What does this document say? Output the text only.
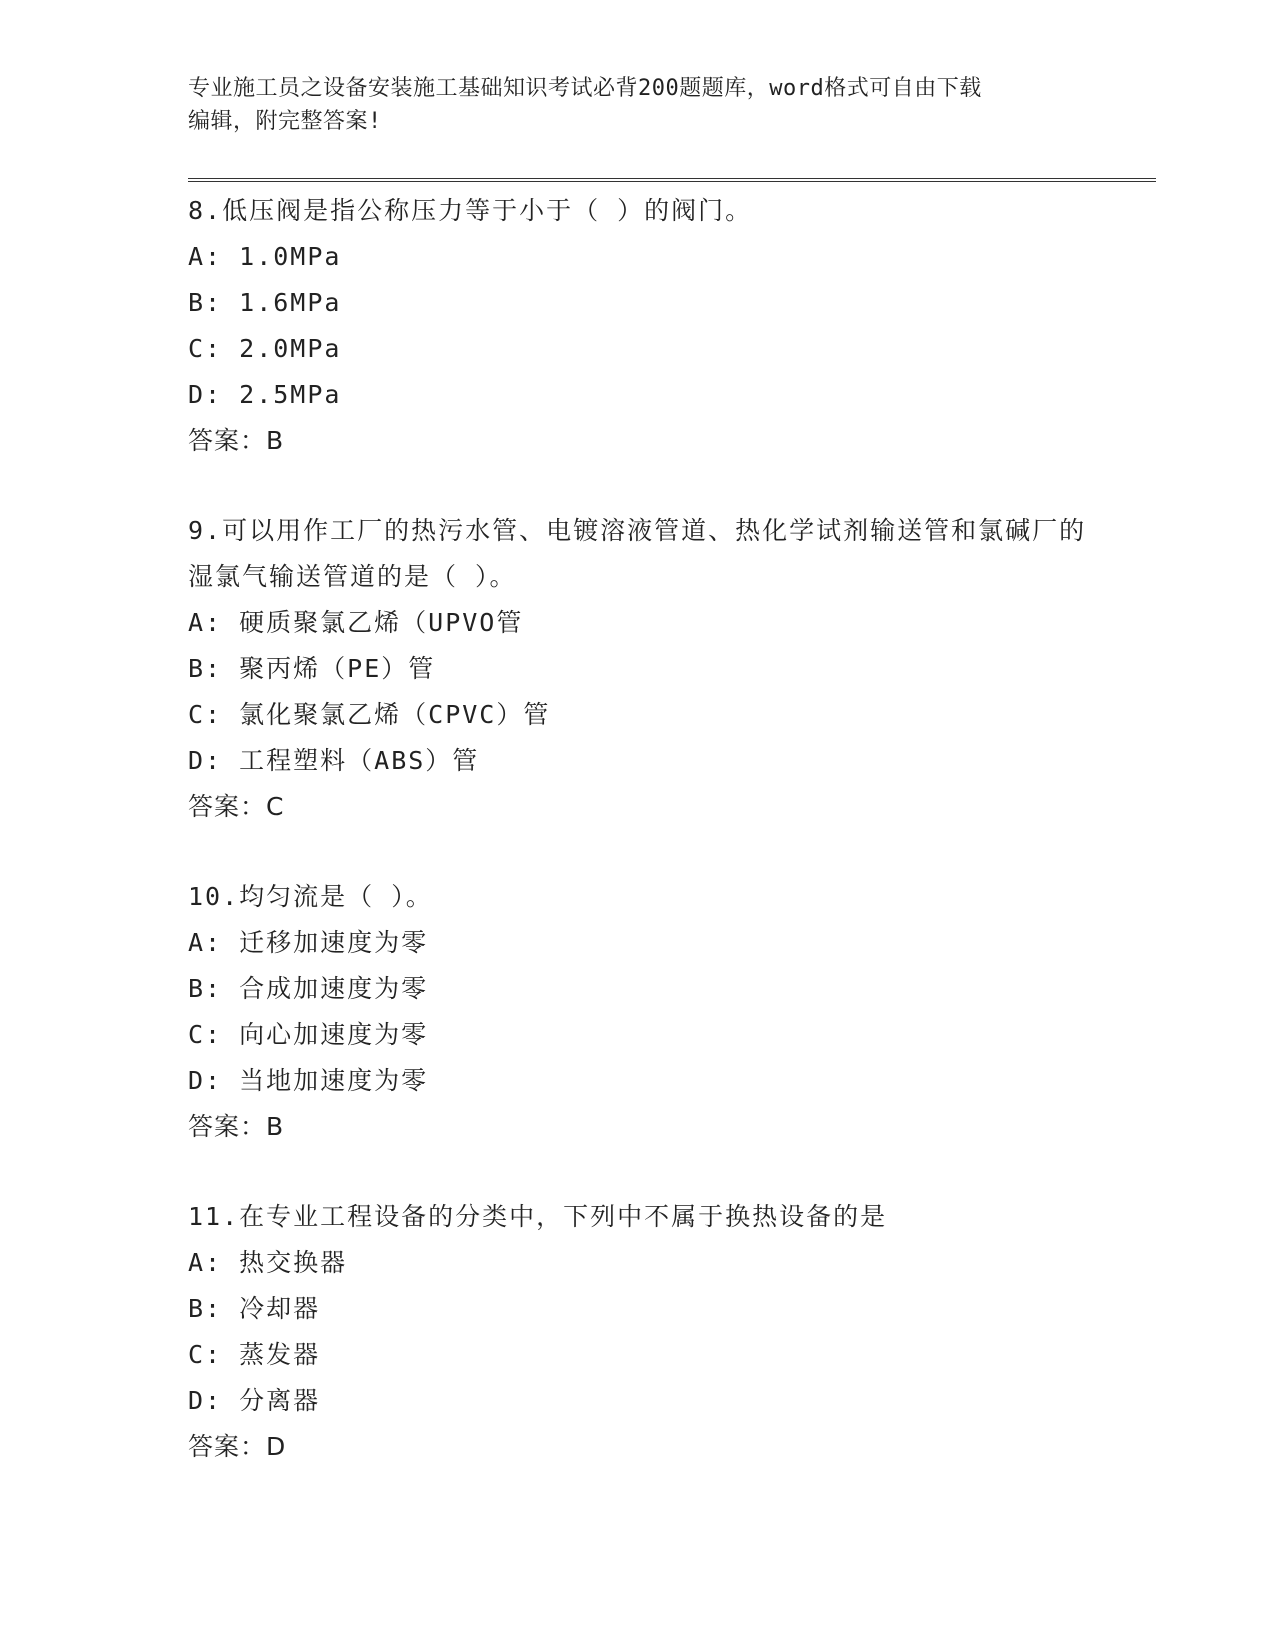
专业施工员之设备安装施工基础知识考试必背200题题库，word格式可自由下载
编辑，附完整答案!
8.低压阀是指公称压力等于小于（ ）的阀门。
A: 1.0MPa
B: 1.6MPa
C: 2.0MPa
D: 2.5MPa
答案：B
9.可以用作工厂的热污水管、电镀溶液管道、热化学试剂输送管和氯碱厂的湿氯气输送管道的是（ ）。
A: 硬质聚氯乙烯（UPVO管
B: 聚丙烯（PE）管
C: 氯化聚氯乙烯（CPVC）管
D: 工程塑料（ABS）管
答案：C
10.均匀流是（ ）。
A: 迁移加速度为零
B: 合成加速度为零
C: 向心加速度为零
D: 当地加速度为零
答案：B
11.在专业工程设备的分类中，下列中不属于换热设备的是
A: 热交换器
B: 冷却器
C: 蒸发器
D: 分离器
答案：D
